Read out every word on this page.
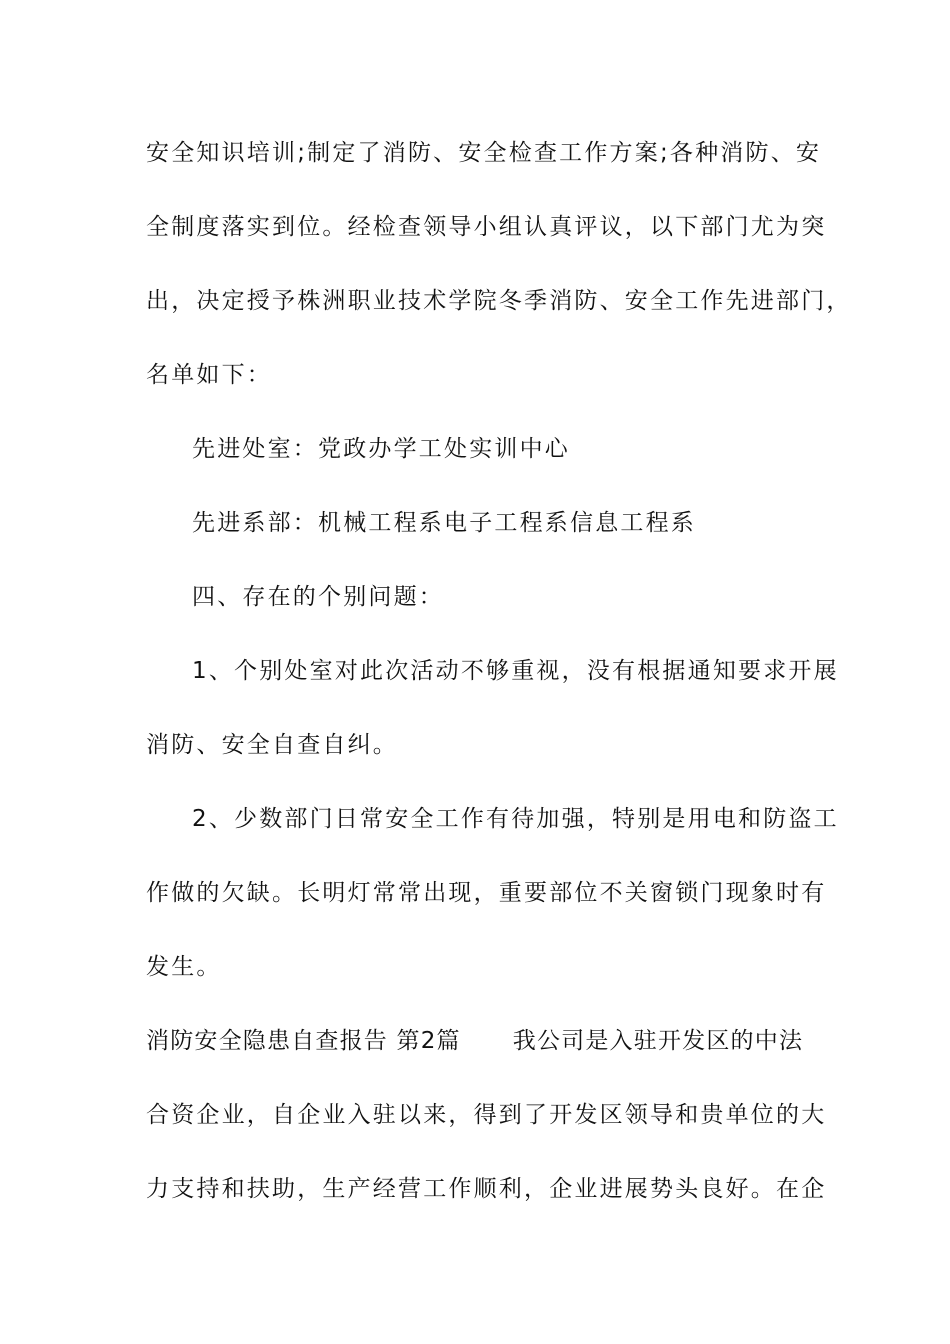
安全知识培训;制定了消防、安全检查工作方案;各种消防、安
全制度落实到位。经检查领导小组认真评议，以下部门尤为突
出，决定授予株洲职业技术学院冬季消防、安全工作先进部门，
名单如下：
先进处室：党政办学工处实训中心
先进系部：机械工程系电子工程系信息工程系
四、存在的个别问题：
1、个别处室对此次活动不够重视，没有根据通知要求开展
消防、安全自查自纠。
2、少数部门日常安全工作有待加强，特别是用电和防盗工
作做的欠缺。长明灯常常出现，重要部位不关窗锁门现象时有
发生。
消防安全隐患自查报告 第2篇 我公司是入驻开发区的中法
合资企业，自企业入驻以来，得到了开发区领导和贵单位的大
力支持和扶助，生产经营工作顺利，企业进展势头良好。在企
